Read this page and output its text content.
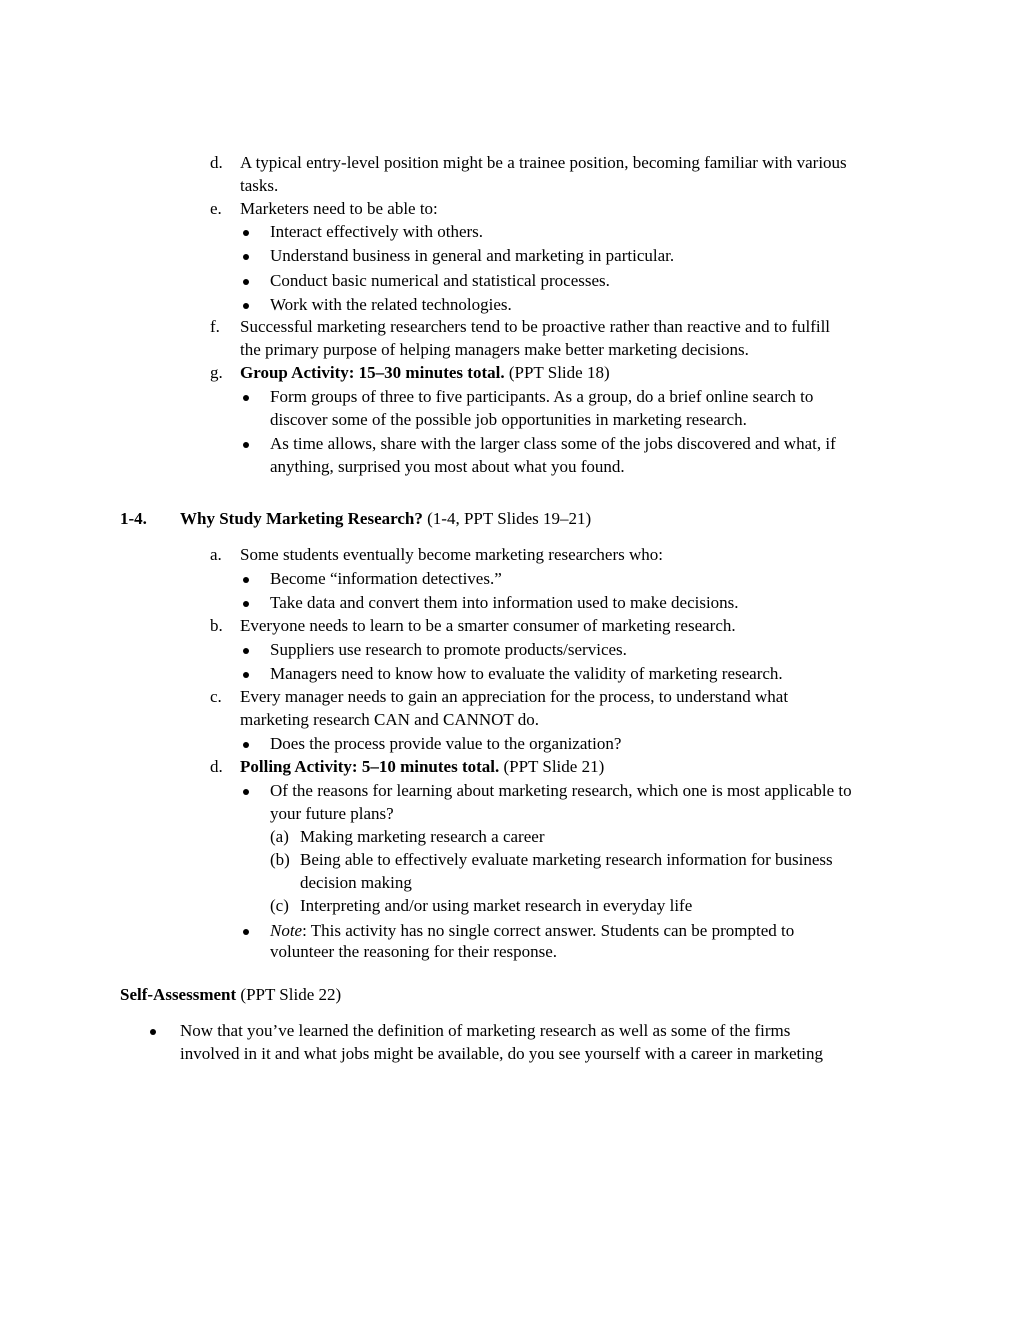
d. A typical entry-level position might be a trainee position, becoming familiar with various
tasks.
e. Marketers need to be able to:
Interact effectively with others.
Understand business in general and marketing in particular.
Conduct basic numerical and statistical processes.
Work with the related technologies.
f. Successful marketing researchers tend to be proactive rather than reactive and to fulfill
the primary purpose of helping managers make better marketing decisions.
g. Group Activity: 15–30 minutes total. (PPT Slide 18)
Form groups of three to five participants. As a group, do a brief online search to
discover some of the possible job opportunities in marketing research.
As time allows, share with the larger class some of the jobs discovered and what, if
anything, surprised you most about what you found.
1-4. Why Study Marketing Research? (1-4, PPT Slides 19–21)
a. Some students eventually become marketing researchers who:
Become “information detectives.”
Take data and convert them into information used to make decisions.
b. Everyone needs to learn to be a smarter consumer of marketing research.
Suppliers use research to promote products/services.
Managers need to know how to evaluate the validity of marketing research.
c. Every manager needs to gain an appreciation for the process, to understand what
marketing research CAN and CANNOT do.
Does the process provide value to the organization?
d. Polling Activity: 5–10 minutes total. (PPT Slide 21)
Of the reasons for learning about marketing research, which one is most applicable to
your future plans?
(a) Making marketing research a career
(b) Being able to effectively evaluate marketing research information for business
decision making
(c) Interpreting and/or using market research in everyday life
Note: This activity has no single correct answer. Students can be prompted to
volunteer the reasoning for their response.
Self-Assessment (PPT Slide 22)
Now that you’ve learned the definition of marketing research as well as some of the firms
involved in it and what jobs might be available, do you see yourself with a career in marketing
